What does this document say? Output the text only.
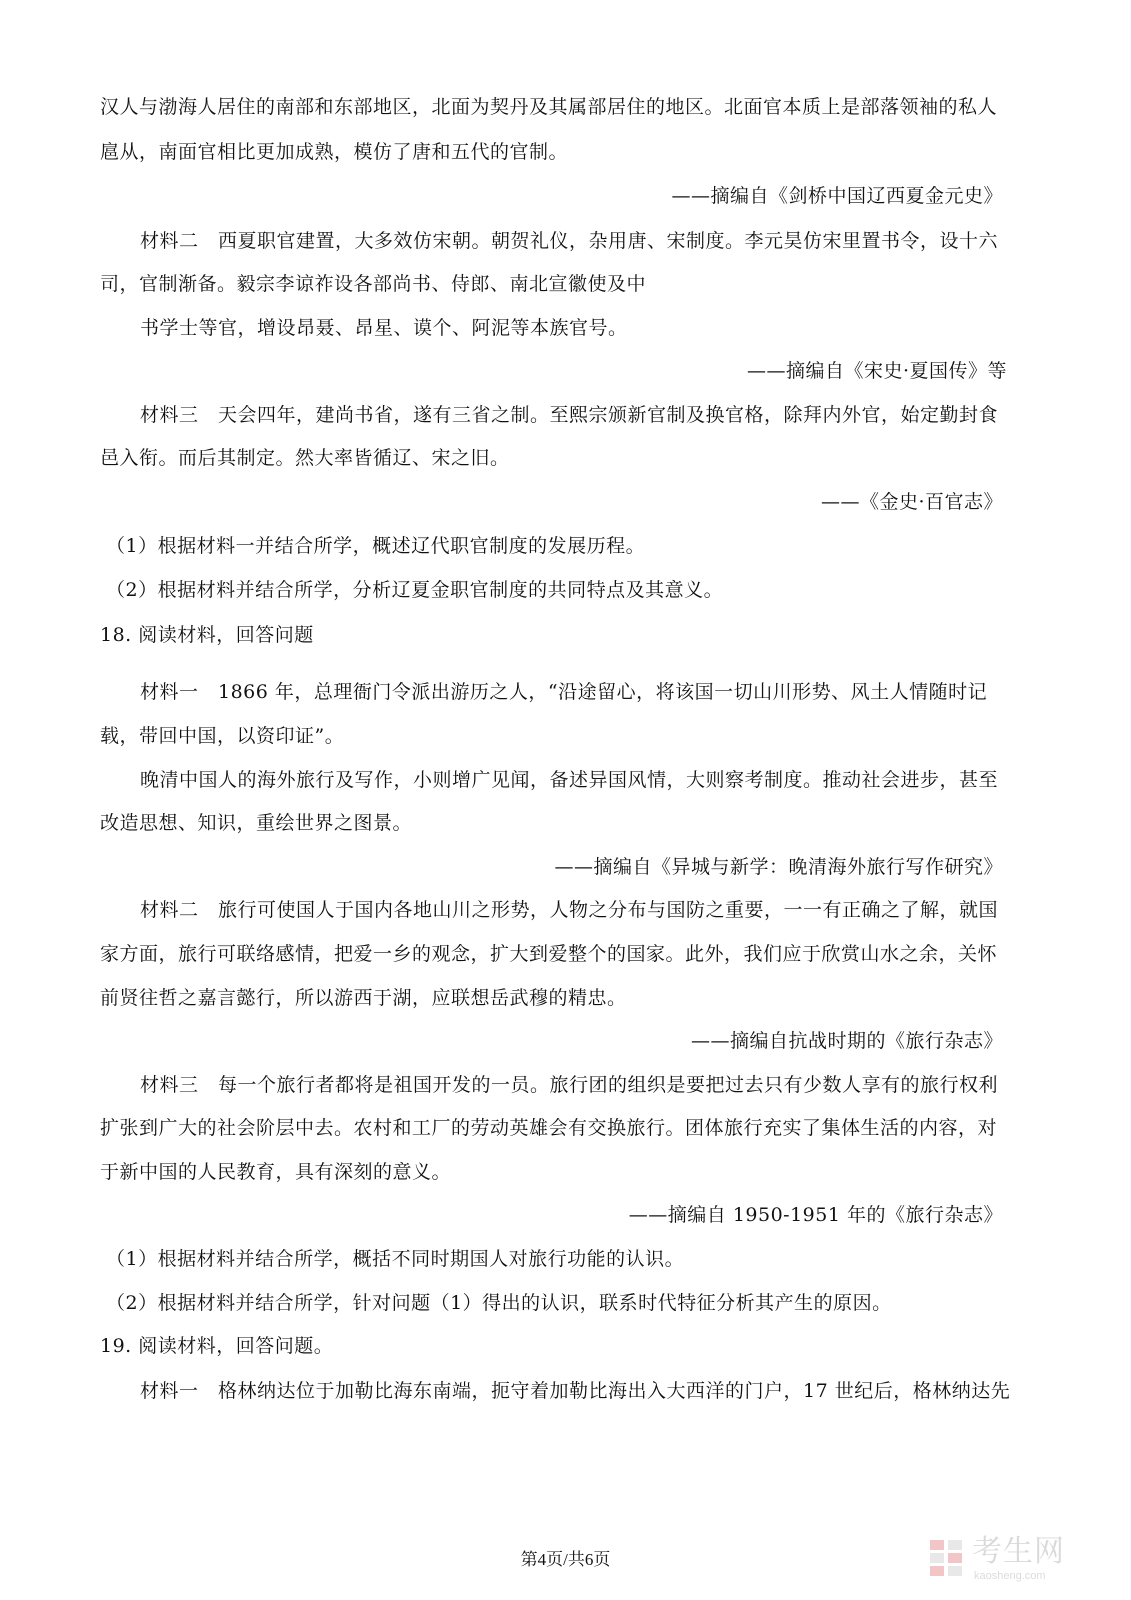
汉人与渤海人居住的南部和东部地区，北面为契丹及其属部居住的地区。北面官本质上是部落领袖的私人
扈从，南面官相比更加成熟，模仿了唐和五代的官制。
——摘编自《剑桥中国辽西夏金元史》
材料二　西夏职官建置，大多效仿宋朝。朝贺礼仪，杂用唐、宋制度。李元昊仿宋里置书令，设十六
司，官制渐备。毅宗李谅祚设各部尚书、侍郎、南北宣徽使及中
书学士等官，增设昂聂、昂星、谟个、阿泥等本族官号。
——摘编自《宋史·夏国传》等
材料三　天会四年，建尚书省，遂有三省之制。至熙宗颁新官制及换官格，除拜内外官，始定勤封食
邑入衔。而后其制定。然大率皆循辽、宋之旧。
——《金史·百官志》
（1）根据材料一并结合所学，概述辽代职官制度的发展历程。
（2）根据材料并结合所学，分析辽夏金职官制度的共同特点及其意义。
18. 阅读材料，回答问题
材料一　1866 年，总理衙门令派出游历之人，“沿途留心，将该国一切山川形势、风土人情随时记
载，带回中国，以资印证”。
晚清中国人的海外旅行及写作，小则增广见闻，备述异国风情，大则察考制度。推动社会进步，甚至
改造思想、知识，重绘世界之图景。
——摘编自《异城与新学：晚清海外旅行写作研究》
材料二　旅行可使国人于国内各地山川之形势，人物之分布与国防之重要，一一有正确之了解，就国
家方面，旅行可联络感情，把爱一乡的观念，扩大到爱整个的国家。此外，我们应于欣赏山水之余，关怀
前贤往哲之嘉言懿行，所以游西于湖，应联想岳武穆的精忠。
——摘编自抗战时期的《旅行杂志》
材料三　每一个旅行者都将是祖国开发的一员。旅行团的组织是要把过去只有少数人享有的旅行权利
扩张到广大的社会阶层中去。农村和工厂的劳动英雄会有交换旅行。团体旅行充实了集体生活的内容，对
于新中国的人民教育，具有深刻的意义。
——摘编自 1950-1951 年的《旅行杂志》
（1）根据材料并结合所学，概括不同时期国人对旅行功能的认识。
（2）根据材料并结合所学，针对问题（1）得出的认识，联系时代特征分析其产生的原因。
19. 阅读材料，回答问题。
材料一　格林纳达位于加勒比海东南端，扼守着加勒比海出入大西洋的门户，17 世纪后，格林纳达先
第4页/共6页	考生网
kaosheng.com
